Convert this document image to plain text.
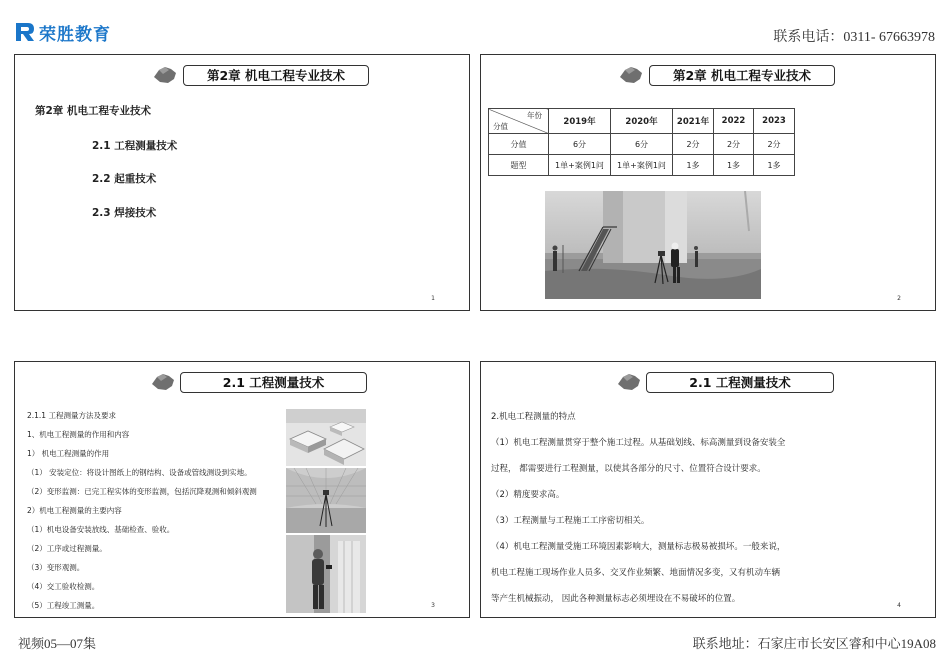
荣胜教育	联系电话：0311- 67663978
第2章 机电工程专业技术
第2章 机电工程专业技术
2.1 工程测量技术
2.2 起重技术
2.3 焊接技术
1
第2章 机电工程专业技术
年份
分值	2019年	2020年	2021年	2022	2023
分值	6分	6分	2分	2分	2分
题型	1单+案例1问	1单+案例1问	1多	1多	1多
2
2.1 工程测量技术
2.1.1 工程测量方法及要求
1、机电工程测量的作用和内容
1） 机电工程测量的作用
（1） 安装定位：将设计图纸上的钢结构、设备或管线测设到实地。
（2）变形监测：已完工程实体的变形监测，包括沉降观测和倾斜观测
2）机电工程测量的主要内容
（1）机电设备安装放线、基础检查、验收。
（2）工序或过程测量。
（3）变形观测。
（4）交工验收检测。
（5）工程竣工测量。	3
2.1 工程测量技术
2.机电工程测量的特点
（1）机电工程测量贯穿于整个施工过程。从基础划线、标高测量到设备安装全
过程， 都需要进行工程测量，以使其各部分的尺寸、位置符合设计要求。
（2）精度要求高。
（3）工程测量与工程施工工序密切相关。
（4）机电工程测量受施工环境因素影响大，测量标志极易被损坏。一般来说，
机电工程施工现场作业人员多、交叉作业频繁、地面情况多变，又有机动车辆
等产生机械振动， 因此各种测量标志必须埋设在不易破坏的位置。
4
视频05—07集	联系地址：石家庄市长安区睿和中心19A08
